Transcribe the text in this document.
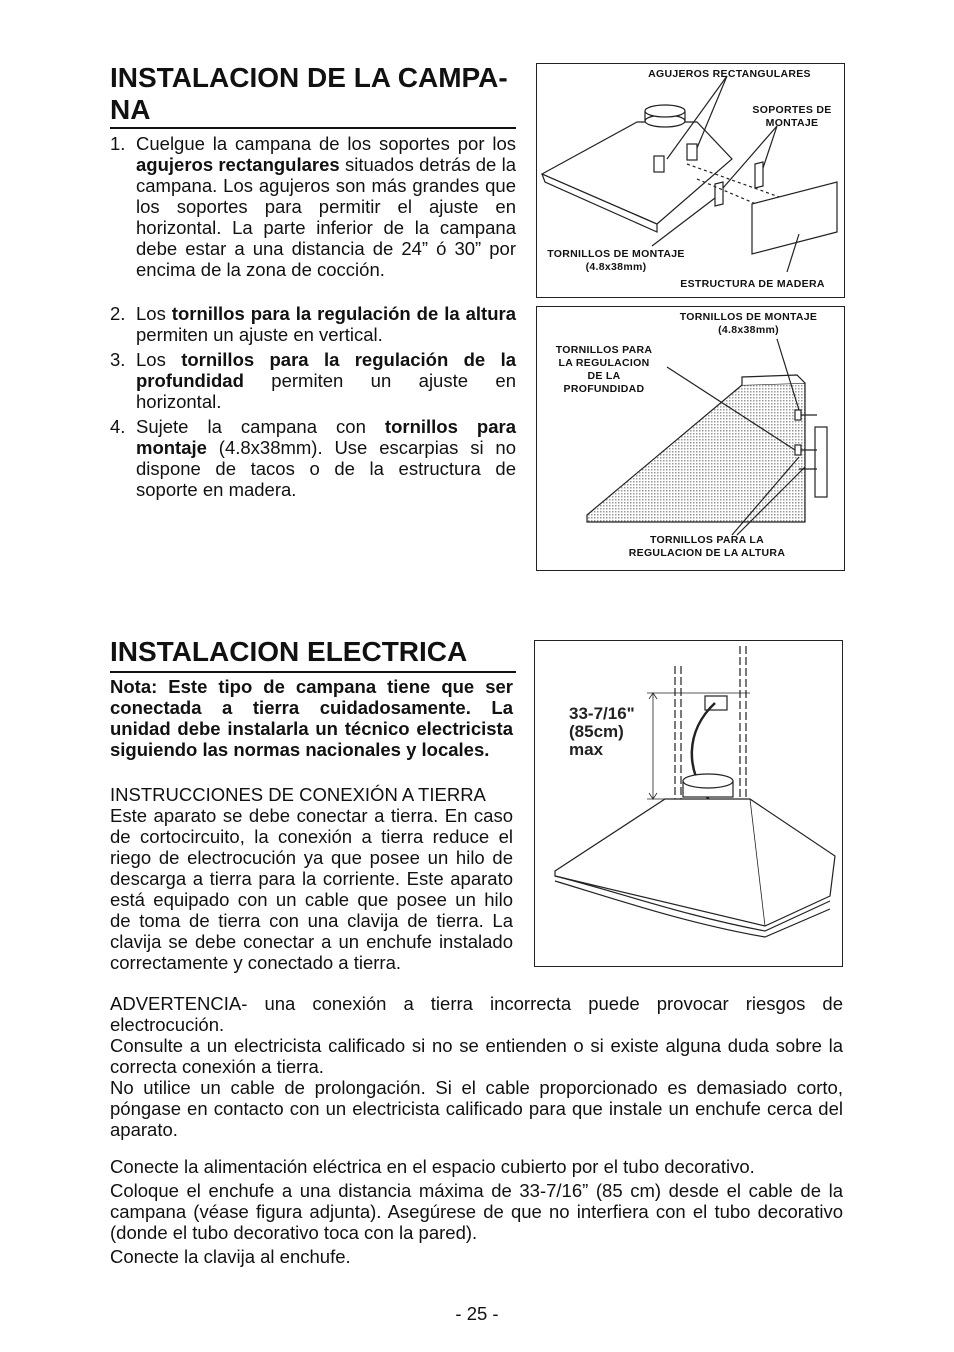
INSTALACION DE LA CAMPA-
NA
1. Cuelgue la campana de los soportes por los agujeros rectangulares situados detrás de la campana. Los agujeros son más grandes que los soportes para permitir el ajuste en horizontal. La parte inferior de la campana debe estar a una distancia de 24” ó 30” por encima de la zona de cocción.
2. Los tornillos para la regulación de la altura permiten un ajuste en vertical.
3. Los tornillos para la regulación de la profundidad permiten un ajuste en horizontal.
4. Sujete la campana con tornillos para montaje (4.8x38mm). Use escarpias si no dispone de tacos o de la estructura de soporte en madera.
AGUJEROS RECTANGULARES
SOPORTES DE
MONTAJE
TORNILLOS DE MONTAJE
(4.8x38mm)
ESTRUCTURA DE MADERA
TORNILLOS DE MONTAJE
(4.8x38mm)
TORNILLOS PARA
LA REGULACION
DE LA
PROFUNDIDAD
TORNILLOS PARA LA
REGULACION DE LA ALTURA
INSTALACION ELECTRICA
Nota: Este tipo de campana tiene que ser conectada a tierra cuidadosamente. La unidad debe instalarla un técnico electricista siguiendo las normas nacionales y locales.
INSTRUCCIONES DE CONEXIÓN A TIERRA
Este aparato se debe conectar a tierra. En caso de cortocircuito, la conexión a tierra reduce el riego de electrocución ya que posee un hilo de descarga a tierra para la corriente. Este aparato está equipado con un cable que posee un hilo de toma de tierra con una clavija de tierra. La clavija se debe conectar a un enchufe instalado correctamente y conectado a tierra.
33-7/16"
(85cm)
max
ADVERTENCIA- una conexión a tierra incorrecta puede provocar riesgos de electrocución.
Consulte a un electricista calificado si no se entienden o si existe alguna duda sobre la correcta conexión a tierra.
No utilice un cable de prolongación. Si el cable proporcionado es demasiado corto, póngase en contacto con un electricista calificado para que instale un enchufe cerca del aparato.
Conecte la alimentación eléctrica en el espacio cubierto por el tubo decorativo.
Coloque el enchufe a una distancia máxima de 33-7/16” (85 cm) desde el cable de la campana (véase figura adjunta). Asegúrese de que no interfiera con el tubo decorativo (donde el tubo decorativo toca con la pared).
Conecte la clavija al enchufe.
- 25 -
